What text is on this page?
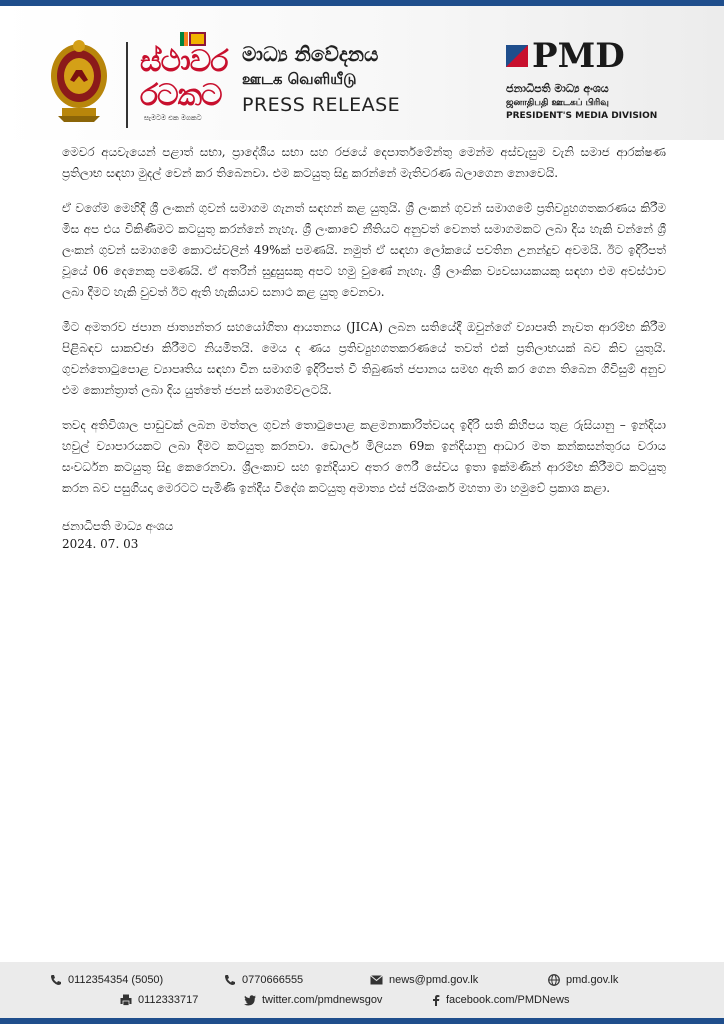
ස්ථාවර
රටකට
සැමටම එක මගකට
මාධ්‍ය නිවේදනය
ஊடக வெளியீடு
PRESS RELEASE
PMD
ජනාධිපති මාධ්‍ය අංශය
ஜனாதிபதி ஊடகப் பிரிவு
PRESIDENT'S MEDIA DIVISION

මෙවර අයවැයෙන් පළාත් සභා, ප්‍රාදේශීය සභා සහ රජයේ දෙපාර්තමේන්තු මෙන්ම අස්වැසුම වැනි සමාජ ආරක්ෂණ ප්‍රතිලාභ සඳහා මුදල් වෙන් කර තිබෙනවා. එම කටයුතු සිදු කරන්නේ මැතිවරණ බලාගෙන නොවෙයි.

ඒ වගේම මෙහිදී ශ්‍රී ලංකන් ගුවන් සමාගම ගැනත් සඳහන් කළ යුතුයි. ශ්‍රී ලංකන් ගුවන් සමාගමේ ප්‍රතිව්‍යුහගතකරණය කිරීම මිස අප එය විකිණීමට කටයුතු කරන්නේ නැහැ. ශ්‍රී ලංකාවේ නීතියට අනුවත් වෙනත් සමාගමකට ලබා දිය හැකි වන්නේ ශ්‍රී ලංකන් ගුවන් සමාගමේ කොටස්වලින් 49%ක් පමණයි. නමුත් ඒ සඳහා ලෝකයේ පවතින උනන්දුව අවමයි. ඊට ඉදිරිපත් වූයේ 06 දෙනෙකු පමණයි. ඒ අතරින් සුදුසුසකු අපට හමු වුණේ නැහැ. ශ්‍රී ලාංකික ව්‍යවසායකයකු සඳහා එම අවස්ථාව ලබා දීමට හැකි වුවත් ඊට ඇති හැකියාව සනාථ කළ යුතු වෙනවා.

මීට අමතරව ජපාන ජාත්‍යන්තර සහයෝගිතා ආයතනය (JICA) ලබන සතියේදී ඔවුන්ගේ ව්‍යාපෘති නැවත ආරම්භ කිරීම පිළිබඳව සාකච්ඡා කිරීමට නියමිතයි. මෙය ද ණය ප්‍රතිව්‍යුහගතකරණයේ තවත් එක් ප්‍රතිලාභයක් බව කිව යුතුයි. ගුවන්තොටුපොළ ව්‍යාපෘතිය සඳහා චීන සමාගම් ඉදිරිපත් වී තිබුණත් ජපානය සමඟ ඇති කර ගෙන තිබෙන ගිවිසුම් අනුව එම කොන්ත්‍රාත් ලබා දිය යුත්තේ ජපන් සමාගම්වලටයි.

තවද අතිවිශාල පාඩුවක් ලබන මත්තල ගුවන් තොටුපොළ කළමනාකාරිත්වයද ඉදිරි සති කිහිපය තුළ රුසියානු – ඉන්දියා හවුල් ව්‍යාපාරයකට ලබා දීමට කටයුතු කරනවා. ඩොලර් මිලියන 69ක ඉන්දියානු ආධාර මත කන්කසන්තුරය වරාය සංවර්ධන කටයුතු සිදු කෙරෙනවා. ශ්‍රීලංකාව සහ ඉන්දියාව අතර ෆෙරී සේවය ඉතා ඉක්මණින් ආරම්භ කිරීමට කටයුතු කරන බව පසුගියදා මෙරටට පැමිණි ඉන්දීය විදේශ කටයුතු අමාත්‍ය එස් ජයිශංකර් මහතා මා හමුවේ ප්‍රකාශ කළා.

ජනාධිපති මාධ්‍ය අංශය
2024. 07. 03
0112354354 (5050)	0770666555	news@pmd.gov.lk	pmd.gov.lk
0112333717	twitter.com/pmdnewsgov	facebook.com/PMDNews
